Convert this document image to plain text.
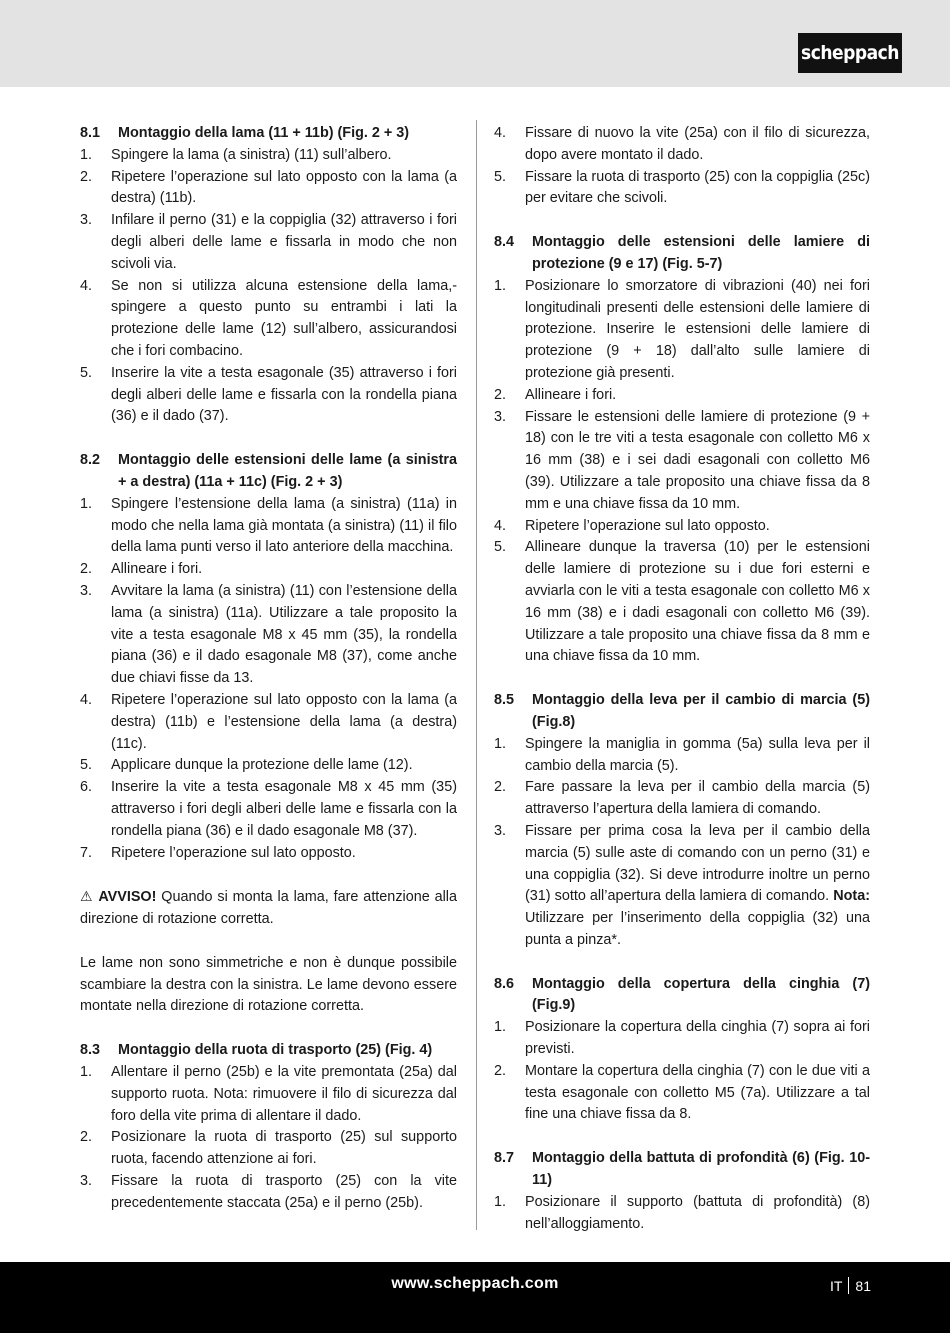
scheppach
8.1	Montaggio della lama (11 + 11b) (Fig. 2 + 3)
1.	Spingere la lama (a sinistra) (11) sull’albero.
2.	Ripetere l’operazione sul lato opposto con la lama (a destra) (11b).
3.	Infilare il perno (31) e la coppiglia (32) attraverso i fori degli alberi delle lame e fissarla in modo che non scivoli via.
4.	Se non si utilizza alcuna estensione della lama,- spingere a questo punto su entrambi i lati la protezione delle lame (12) sull’albero, assicurandosi che i fori combacino.
5.	Inserire la vite a testa esagonale (35) attraverso i fori degli alberi delle lame e fissarla con la rondella piana (36) e il dado (37).
8.2	Montaggio delle estensioni delle lame (a sinistra + a destra) (11a + 11c) (Fig. 2 + 3)
1.	Spingere l’estensione della lama (a sinistra) (11a) in modo che nella lama già montata (a sinistra) (11) il filo della lama punti verso il lato anteriore della macchina.
2.	Allineare i fori.
3.	Avvitare la lama (a sinistra) (11) con l’estensione della lama (a sinistra) (11a). Utilizzare a tale proposito la vite a testa esagonale M8 x 45 mm (35), la rondella piana (36) e il dado esagonale M8 (37), come anche due chiavi fisse da 13.
4.	Ripetere l’operazione sul lato opposto con la lama (a destra) (11b) e l’estensione della lama (a destra) (11c).
5.	Applicare dunque la protezione delle lame (12).
6.	Inserire la vite a testa esagonale M8 x 45 mm (35) attraverso i fori degli alberi delle lame e fissarla con la rondella piana (36) e il dado esagonale M8 (37).
7.	Ripetere l’operazione sul lato opposto.

⚠ AVVISO! Quando si monta la lama, fare attenzione alla direzione di rotazione corretta.

Le lame non sono simmetriche e non è dunque possibile scambiare la destra con la sinistra. Le lame devono essere montate nella direzione di rotazione corretta.

8.3	Montaggio della ruota di trasporto (25) (Fig. 4)
1.	Allentare il perno (25b) e la vite premontata (25a) dal supporto ruota. Nota: rimuovere il filo di sicurezza dal foro della vite prima di allentare il dado.
2.	Posizionare la ruota di trasporto (25) sul supporto ruota, facendo attenzione ai fori.
3.	Fissare la ruota di trasporto (25) con la vite precedentemente staccata (25a) e il perno (25b).
4.	Fissare di nuovo la vite (25a) con il filo di sicurezza, dopo avere montato il dado.
5.	Fissare la ruota di trasporto (25) con la coppiglia (25c) per evitare che scivoli.
8.4	Montaggio delle estensioni delle lamiere di protezione (9 e 17) (Fig. 5-7)
1.	Posizionare lo smorzatore di vibrazioni (40) nei fori longitudinali presenti delle estensioni delle lamiere di protezione. Inserire le estensioni delle lamiere di protezione (9 + 18) dall’alto sulle lamiere di protezione già presenti.
2.	Allineare i fori.
3.	Fissare le estensioni delle lamiere di protezione (9 + 18) con le tre viti a testa esagonale con colletto M6 x 16 mm (38) e i sei dadi esagonali con colletto M6 (39). Utilizzare a tale proposito una chiave fissa da 8 mm e una chiave fissa da 10 mm.
4.	Ripetere l’operazione sul lato opposto.
5.	Allineare dunque la traversa (10) per le estensioni delle lamiere di protezione su i due fori esterni e avviarla con le viti a testa esagonale con colletto M6 x 16 mm (38) e i dadi esagonali con colletto M6 (39). Utilizzare a tale proposito una chiave fissa da 8 mm e una chiave fissa da 10 mm.
8.5	Montaggio della leva per il cambio di marcia (5) (Fig.8)
1.	Spingere la maniglia in gomma (5a) sulla leva per il cambio della marcia (5).
2.	Fare passare la leva per il cambio della marcia (5) attraverso l’apertura della lamiera di comando.
3.	Fissare per prima cosa la leva per il cambio della marcia (5) sulle aste di comando con un perno (31) e una coppiglia (32). Si deve introdurre inoltre un perno (31) sotto all’apertura della lamiera di comando. Nota: Utilizzare per l’inserimento della coppiglia (32) una punta a pinza*.
8.6	Montaggio della copertura della cinghia (7) (Fig.9)
1.	Posizionare la copertura della cinghia (7) sopra ai fori previsti.
2.	Montare la copertura della cinghia (7) con le due viti a testa esagonale con colletto M5 (7a). Utilizzare a tal fine una chiave fissa da 8.
8.7	Montaggio della battuta di profondità (6) (Fig. 10-11)
1.	Posizionare il supporto (battuta di profondità) (8) nell’alloggiamento.
www.scheppach.com	IT 81
